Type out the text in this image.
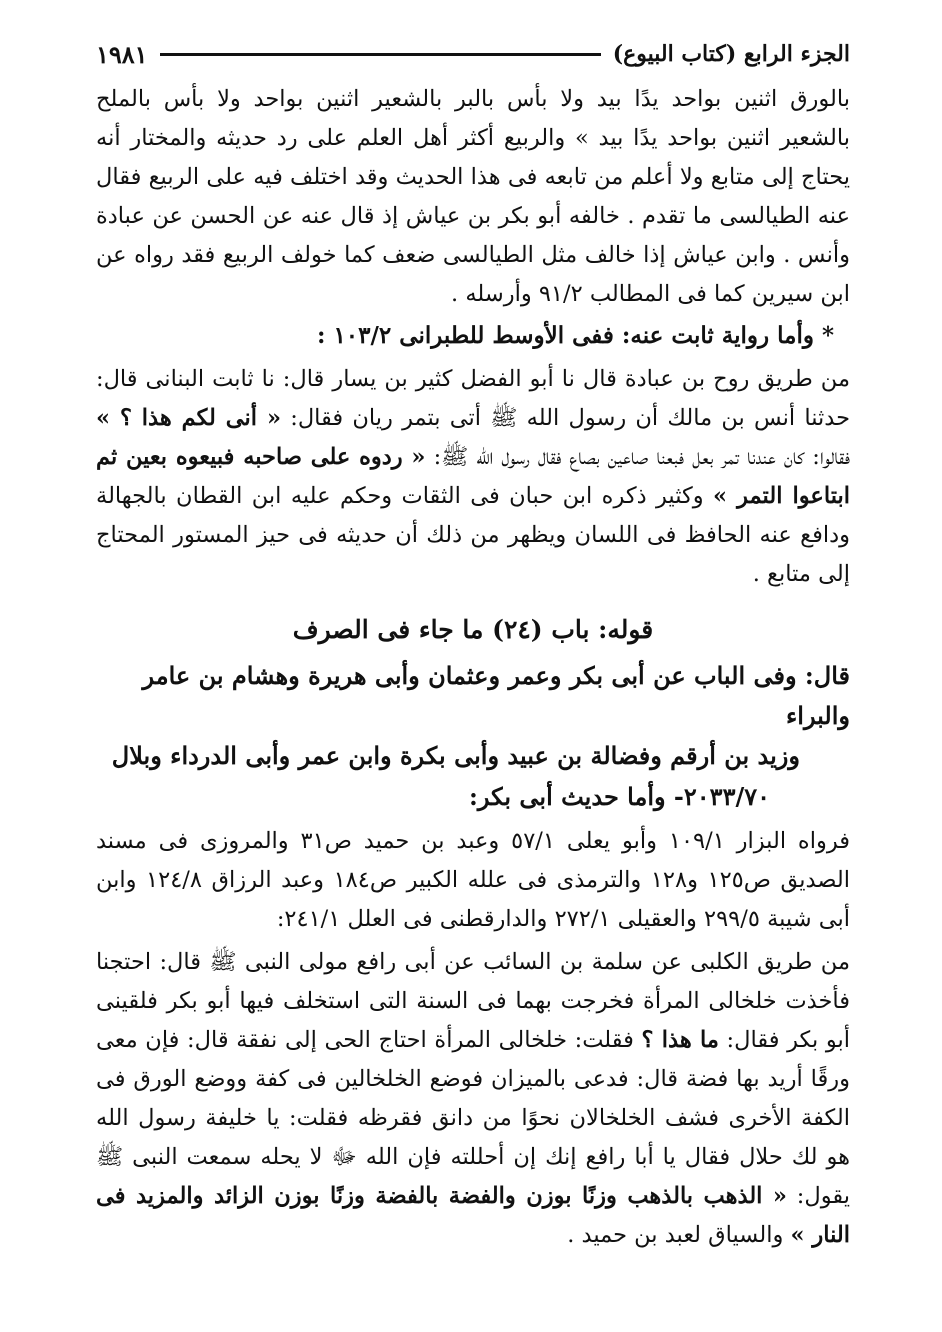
الجزء الرابع (كتاب البيوع)
١٩٨١

بالورق اثنين بواحد يدًا بيد ولا بأس بالبر بالشعير اثنين بواحد ولا بأس بالملح بالشعير اثنين بواحد يدًا بيد » والربيع أكثر أهل العلم على رد حديثه والمختار أنه يحتاج إلى متابع ولا أعلم من تابعه فى هذا الحديث وقد اختلف فيه على الربيع فقال عنه الطيالسى ما تقدم . خالفه أبو بكر بن عياش إذ قال عنه عن الحسن عن عبادة وأنس . وابن عياش إذا خالف مثل الطيالسى ضعف كما خولف الربيع فقد رواه عن ابن سيرين كما فى المطالب ٩١/٢ وأرسله .

* وأما رواية ثابت عنه: ففى الأوسط للطبرانى ١٠٣/٢ :

من طريق روح بن عبادة قال نا أبو الفضل كثير بن يسار قال: نا ثابت البنانى قال: حدثنا أنس بن مالك أن رسول الله ﷺ أتى بتمر ريان فقال: « أنى لكم هذا ؟ » فقالوا: كان عندنا تمر بعل فبعنا صاعين بصاع فقال رسول الله ﷺ: « ردوه على صاحبه فبيعوه بعين ثم ابتاعوا التمر » وكثير ذكره ابن حبان فى الثقات وحكم عليه ابن القطان بالجهالة ودافع عنه الحافظ فى اللسان ويظهر من ذلك أن حديثه فى حيز المستور المحتاج إلى متابع .

قوله: باب (٢٤) ما جاء فى الصرف
قال: وفى الباب عن أبى بكر وعمر وعثمان وأبى هريرة وهشام بن عامر والبراء
وزيد بن أرقم وفضالة بن عبيد وأبى بكرة وابن عمر وأبى الدرداء وبلال
٢٠٣٣/٧٠- وأما حديث أبى بكر:

فرواه البزار ١٠٩/١ وأبو يعلى ٥٧/١ وعبد بن حميد ص٣١ والمروزى فى مسند الصديق ص١٢٥ و١٢٨ والترمذى فى علله الكبير ص١٨٤ وعبد الرزاق ١٢٤/٨ وابن أبى شيبة ٢٩٩/٥ والعقيلى ٢٧٢/١ والدارقطنى فى العلل ٢٤١/١:

من طريق الكلبى عن سلمة بن السائب عن أبى رافع مولى النبى ﷺ قال: احتجنا فأخذت خلخالى المرأة فخرجت بهما فى السنة التى استخلف فيها أبو بكر فلقينى أبو بكر فقال: ما هذا ؟ فقلت: خلخالى المرأة احتاج الحى إلى نفقة قال: فإن معى ورقًا أريد بها فضة قال: فدعى بالميزان فوضع الخلخالين فى كفة ووضع الورق فى الكفة الأخرى فشف الخلخالان نحوًا من دانق فقرظه فقلت: يا خليفة رسول الله هو لك حلال فقال يا أبا رافع إنك إن أحللته فإن الله ﷻ لا يحله سمعت النبى ﷺ يقول: « الذهب بالذهب وزنًا بوزن والفضة بالفضة وزنًا بوزن الزائد والمزيد فى النار » والسياق لعبد بن حميد .
